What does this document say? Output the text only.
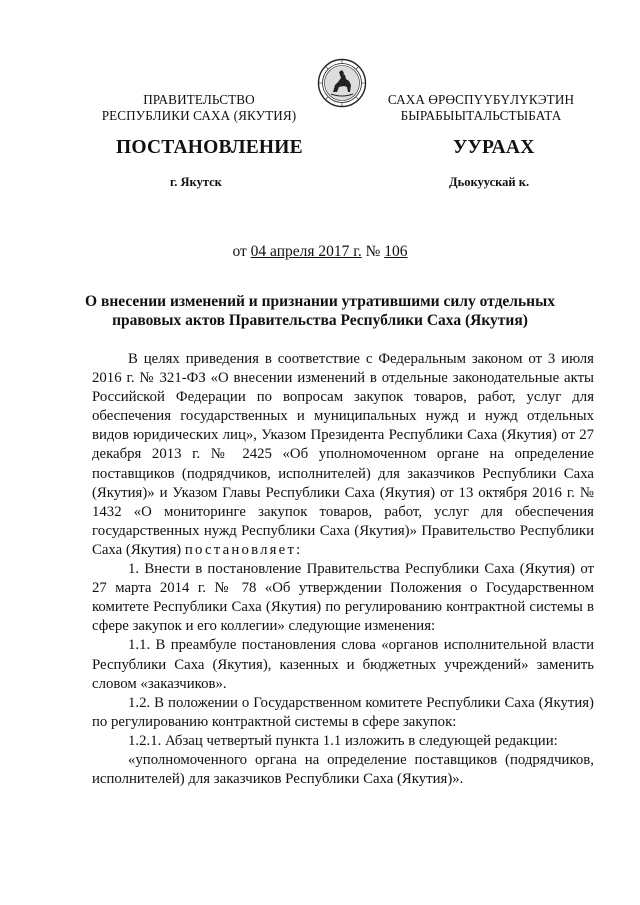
ПРАВИТЕЛЬСТВО
РЕСПУБЛИКИ САХА (ЯКУТИЯ)
САХА ӨРӨСПҮҮБҮЛҮКЭТИН
БЫРАБЫЫТАЛЬСТЫБАТА
ПОСТАНОВЛЕНИЕ	УУРААХ
г. Якутск	Дьокуускай к.
от 04 апреля 2017 г. № 106
О внесении изменений и признании утратившими силу отдельных
правовых актов Правительства Республики Саха (Якутия)

В целях приведения в соответствие с Федеральным законом от 3 июля 2016 г. № 321-ФЗ «О внесении изменений в отдельные законодательные акты Российской Федерации по вопросам закупок товаров, работ, услуг для обеспечения государственных и муниципальных нужд и нужд отдельных видов юридических лиц», Указом Президента Республики Саха (Якутия) от 27 декабря 2013 г. № 2425 «Об уполномоченном органе на определение поставщиков (подрядчиков, исполнителей) для заказчиков Республики Саха (Якутия)» и Указом Главы Республики Саха (Якутия) от 13 октября 2016 г. № 1432 «О мониторинге закупок товаров, работ, услуг для обеспечения государственных нужд Республики Саха (Якутия)» Правительство Республики Саха (Якутия) постановляет:

1. Внести в постановление Правительства Республики Саха (Якутия) от 27 марта 2014 г. № 78 «Об утверждении Положения о Государственном комитете Республики Саха (Якутия) по регулированию контрактной системы в сфере закупок и его коллегии» следующие изменения:

1.1. В преамбуле постановления слова «органов исполнительной власти Республики Саха (Якутия), казенных и бюджетных учреждений» заменить словом «заказчиков».

1.2. В положении о Государственном комитете Республики Саха (Якутия) по регулированию контрактной системы в сфере закупок:

1.2.1. Абзац четвертый пункта 1.1 изложить в следующей редакции:

«уполномоченного органа на определение поставщиков (подрядчиков, исполнителей) для заказчиков Республики Саха (Якутия)».
